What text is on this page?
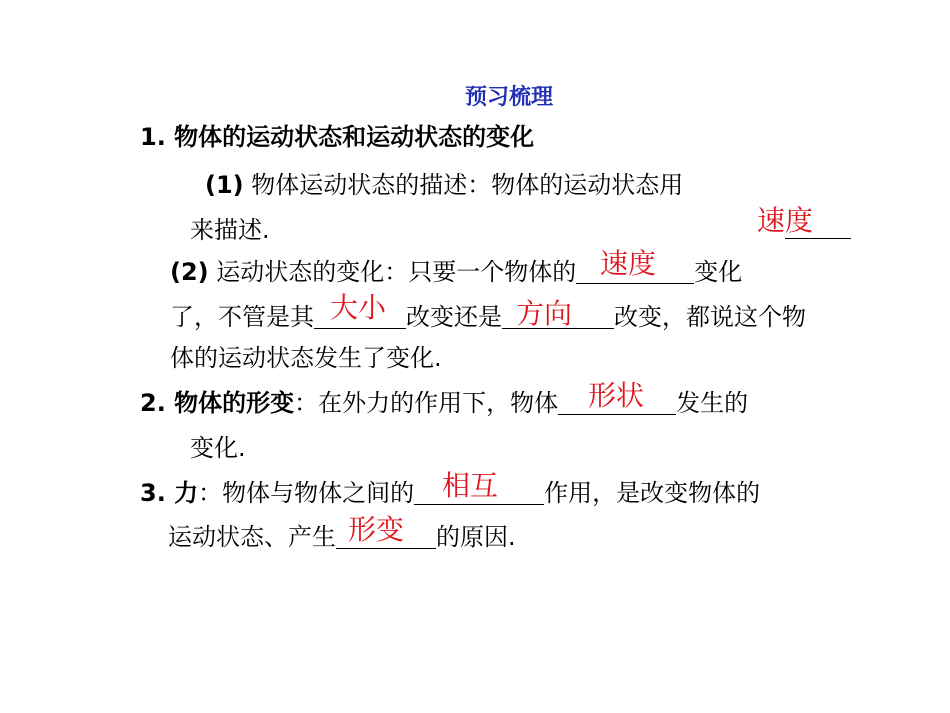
预习梳理
1. 物体的运动状态和运动状态的变化
(1) 物体运动状态的描述：物体的运动状态用
来描述.	速度
(2) 运动状态的变化：只要一个物体的	变化
速度
了，不管是其	改变还是	改变，都说这个物
大小	方向
体的运动状态发生了变化.
2. 物体的形变：在外力的作用下，物体	发生的
形状
变化.
3. 力：物体与物体之间的	作用，是改变物体的
相互
运动状态、产生	的原因.
形变
